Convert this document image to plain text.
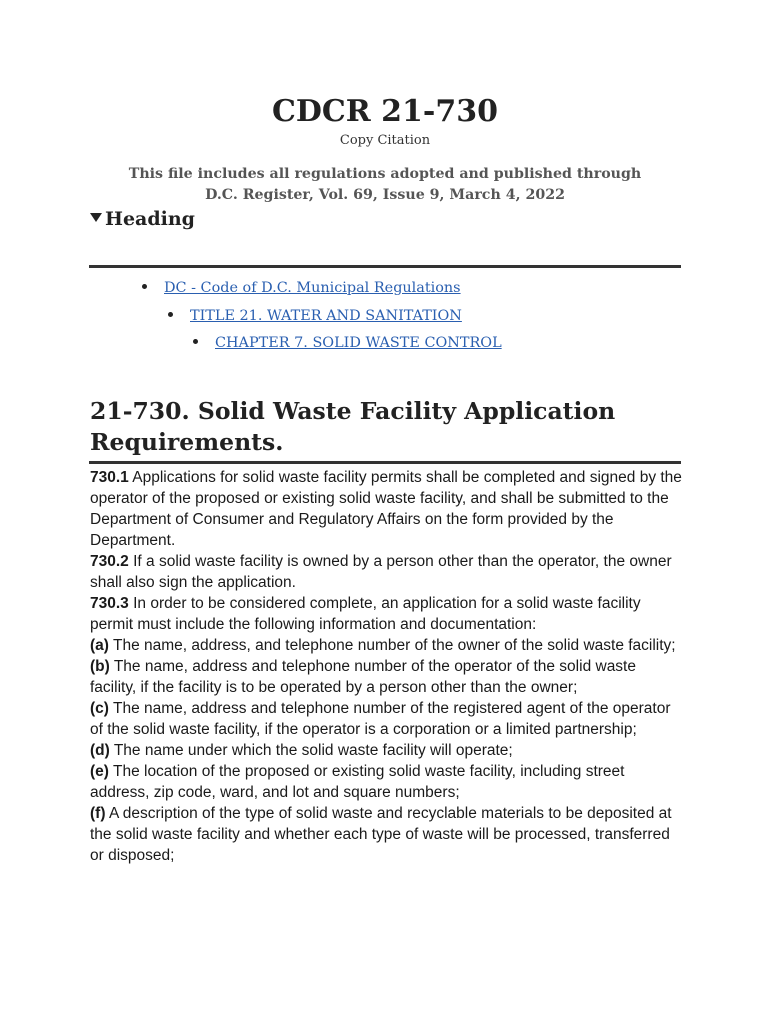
CDCR 21-730
Copy Citation

This file includes all regulations adopted and published through D.C. Register, Vol. 69, Issue 9, March 4, 2022

Heading
DC - Code of D.C. Municipal Regulations
TITLE 21. WATER AND SANITATION
CHAPTER 7. SOLID WASTE CONTROL
21-730. Solid Waste Facility Application Requirements.

730.1 Applications for solid waste facility permits shall be completed and signed by the operator of the proposed or existing solid waste facility, and shall be submitted to the Department of Consumer and Regulatory Affairs on the form provided by the Department.

730.2 If a solid waste facility is owned by a person other than the operator, the owner shall also sign the application.

730.3 In order to be considered complete, an application for a solid waste facility permit must include the following information and documentation:

(a) The name, address, and telephone number of the owner of the solid waste facility;

(b) The name, address and telephone number of the operator of the solid waste facility, if the facility is to be operated by a person other than the owner;

(c) The name, address and telephone number of the registered agent of the operator of the solid waste facility, if the operator is a corporation or a limited partnership;

(d) The name under which the solid waste facility will operate;

(e) The location of the proposed or existing solid waste facility, including street address, zip code, ward, and lot and square numbers;

(f) A description of the type of solid waste and recyclable materials to be deposited at the solid waste facility and whether each type of waste will be processed, transferred or disposed;
